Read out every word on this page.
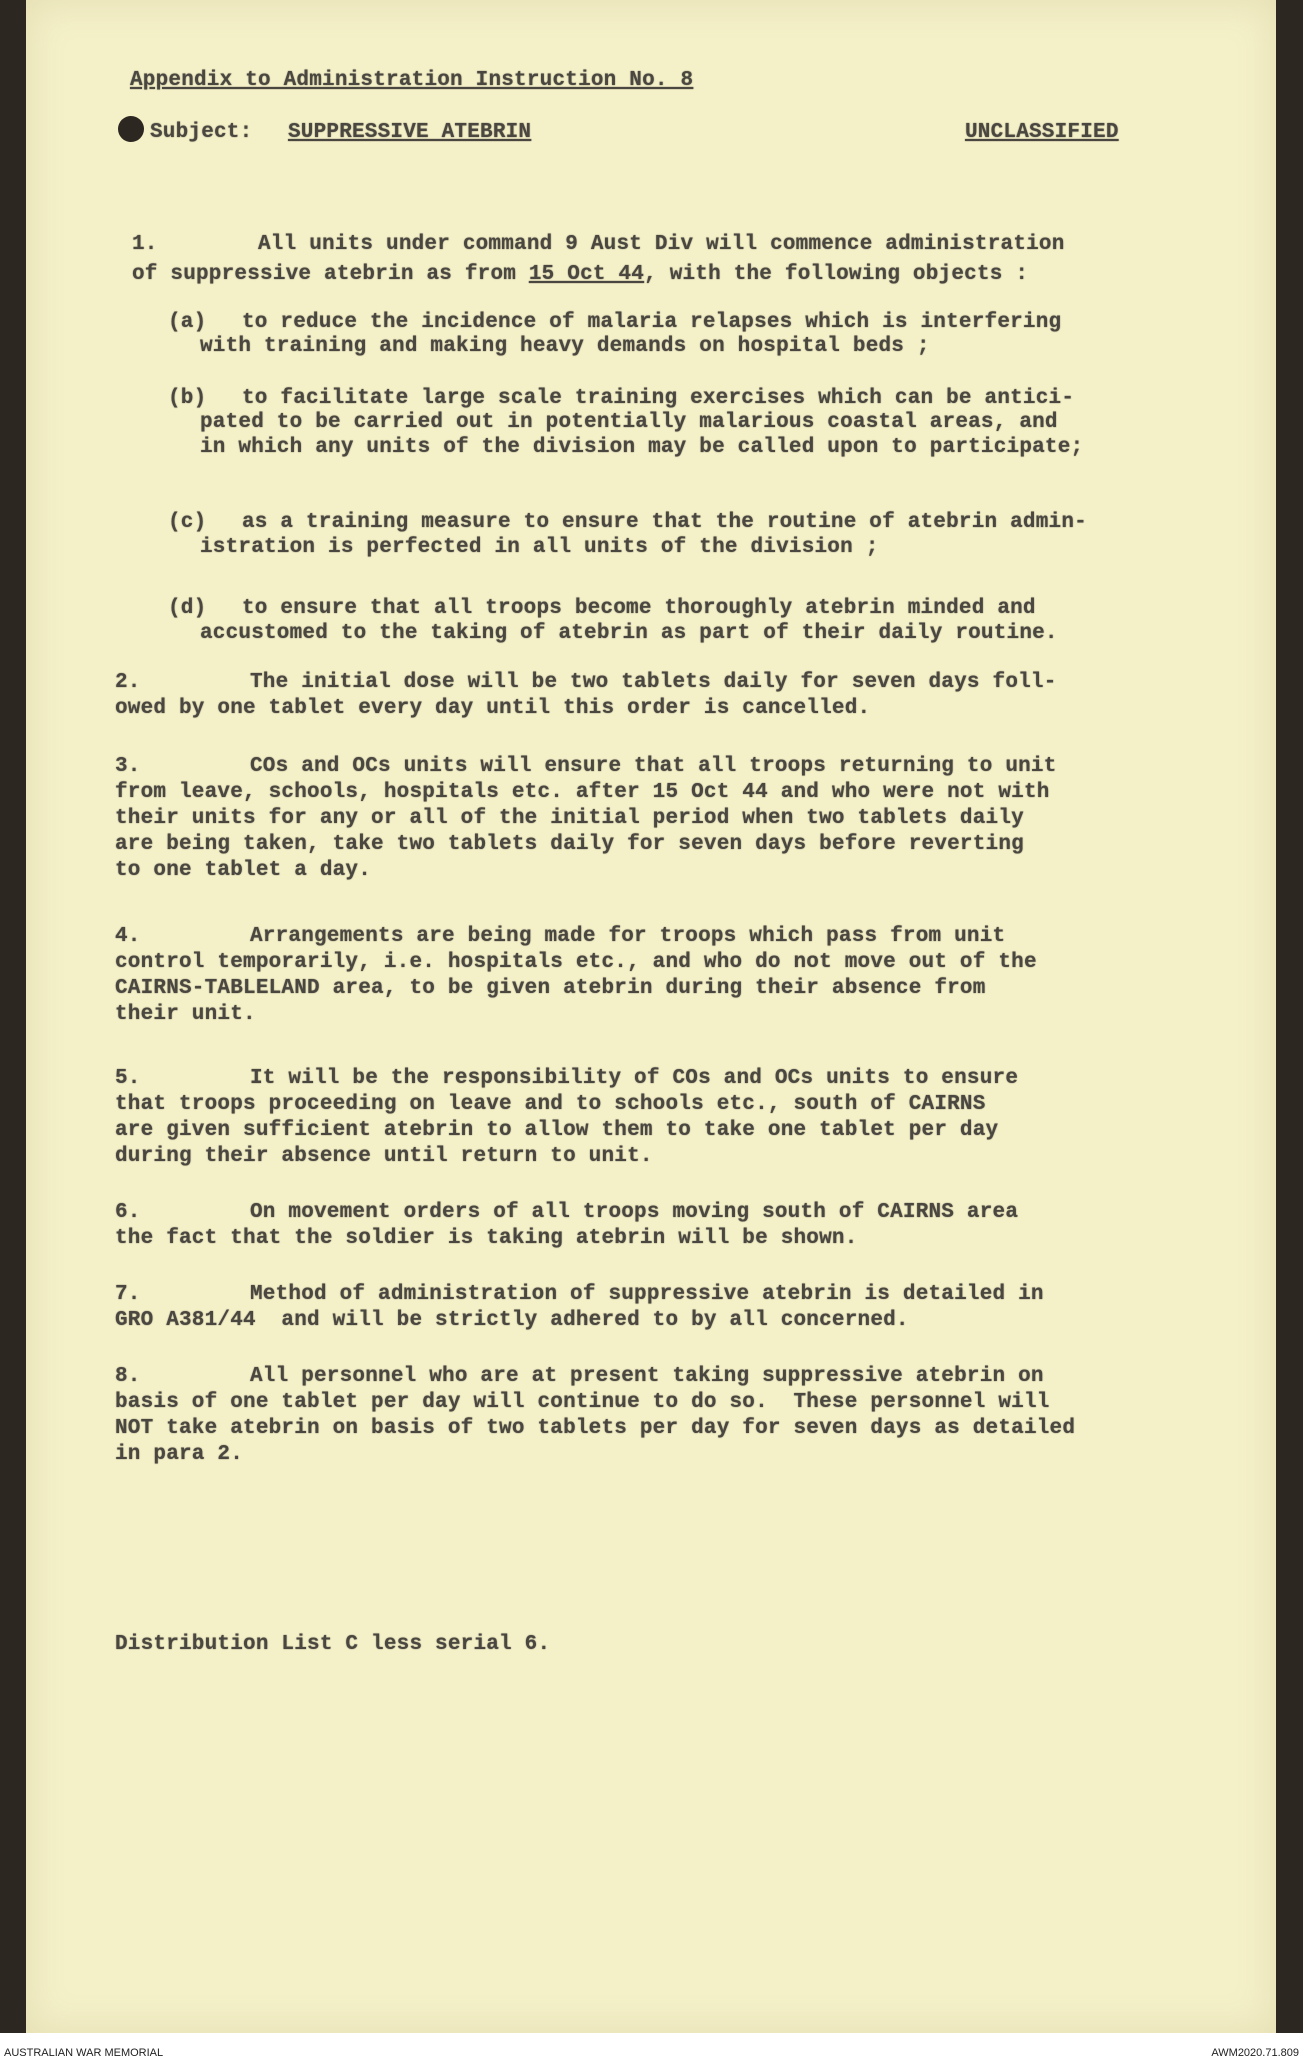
Appendix to Administration Instruction No. 8
Subject: SUPPRESSIVE ATEBRIN	UNCLASSIFIED
1.	All units under command 9 Aust Div will commence administration
of suppressive atebrin as from 15 Oct 44, with the following objects :
(a) to reduce the incidence of malaria relapses which is interfering
with training and making heavy demands on hospital beds ;
(b) to facilitate large scale training exercises which can be antici-
pated to be carried out in potentially malarious coastal areas, and
in which any units of the division may be called upon to participate;
(c) as a training measure to ensure that the routine of atebrin admin-
istration is perfected in all units of the division ;
(d) to ensure that all troops become thoroughly atebrin minded and
accustomed to the taking of atebrin as part of their daily routine.
2.	The initial dose will be two tablets daily for seven days foll-
owed by one tablet every day until this order is cancelled.
3.	COs and OCs units will ensure that all troops returning to unit
from leave, schools, hospitals etc. after 15 Oct 44 and who were not with
their units for any or all of the initial period when two tablets daily
are being taken, take two tablets daily for seven days before reverting
to one tablet a day.
4.	Arrangements are being made for troops which pass from unit
control temporarily, i.e. hospitals etc., and who do not move out of the
CAIRNS-TABLELAND area, to be given atebrin during their absence from
their unit.
5.	It will be the responsibility of COs and OCs units to ensure
that troops proceeding on leave and to schools etc., south of CAIRNS
are given sufficient atebrin to allow them to take one tablet per day
during their absence until return to unit.
6.	On movement orders of all troops moving south of CAIRNS area
the fact that the soldier is taking atebrin will be shown.
7.	Method of administration of suppressive atebrin is detailed in
GRO A381/44  and will be strictly adhered to by all concerned.
8.	All personnel who are at present taking suppressive atebrin on
basis of one tablet per day will continue to do so.  These personnel will
NOT take atebrin on basis of two tablets per day for seven days as detailed
in para 2.
Distribution List C less serial 6.
AUSTRALIAN WAR MEMORIAL	AWM2020.71.809
